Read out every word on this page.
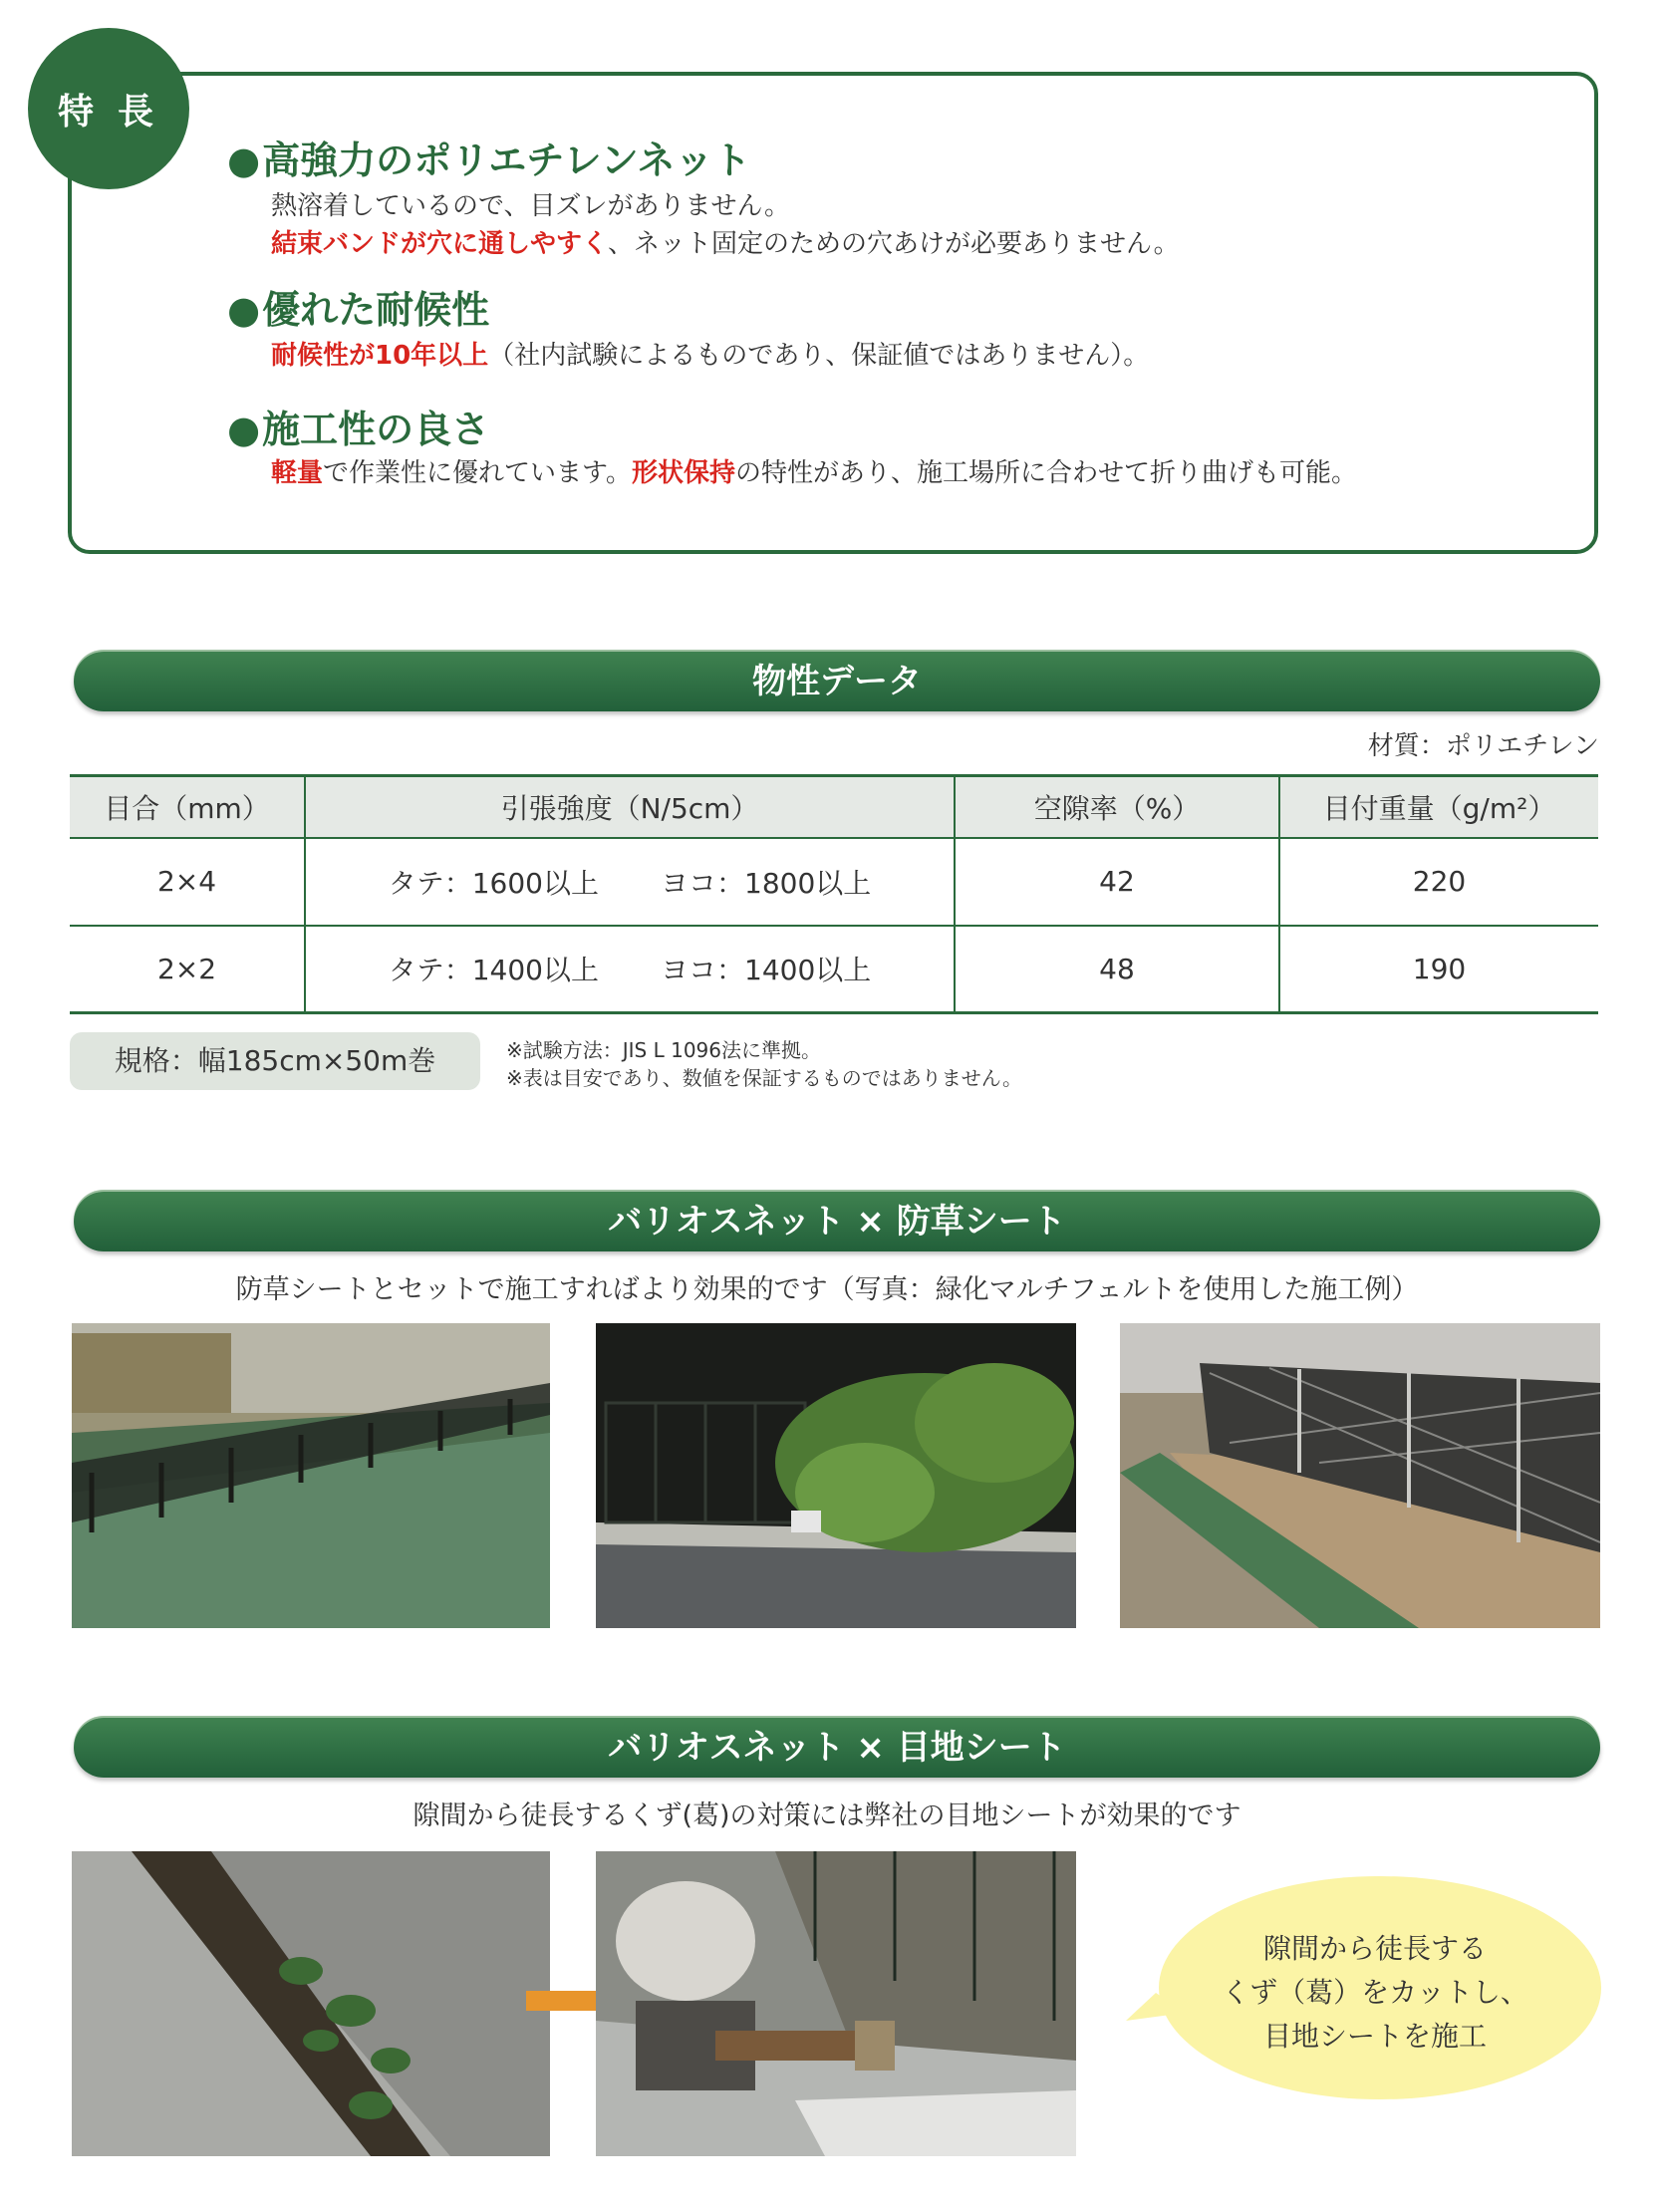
特長
●高強力のポリエチレンネット
熱溶着しているので、目ズレがありません。
結束バンドが穴に通しやすく、ネット固定のための穴あけが必要ありません。
●優れた耐候性
耐候性が10年以上（社内試験によるものであり、保証値ではありません）。
●施工性の良さ
軽量で作業性に優れています。形状保持の特性があり、施工場所に合わせて折り曲げも可能。
物性データ
材質：ポリエチレン
目合（mm）	引張強度（N/5cm）	空隙率（%）	目付重量（g/m²）
2×4	タテ：1600以上 ヨコ：1800以上	42	220
2×2	タテ：1400以上 ヨコ：1400以上	48	190
規格：幅185cm×50m巻	※試験方法：JIS L 1096法に準拠。
※表は目安であり、数値を保証するものではありません。
バリオスネット × 防草シート
防草シートとセットで施工すればより効果的です（写真：緑化マルチフェルトを使用した施工例）
バリオスネット × 目地シート
隙間から徒長するくず(葛)の対策には弊社の目地シートが効果的です
隙間から徒長する
くず（葛）をカットし、
目地シートを施工
